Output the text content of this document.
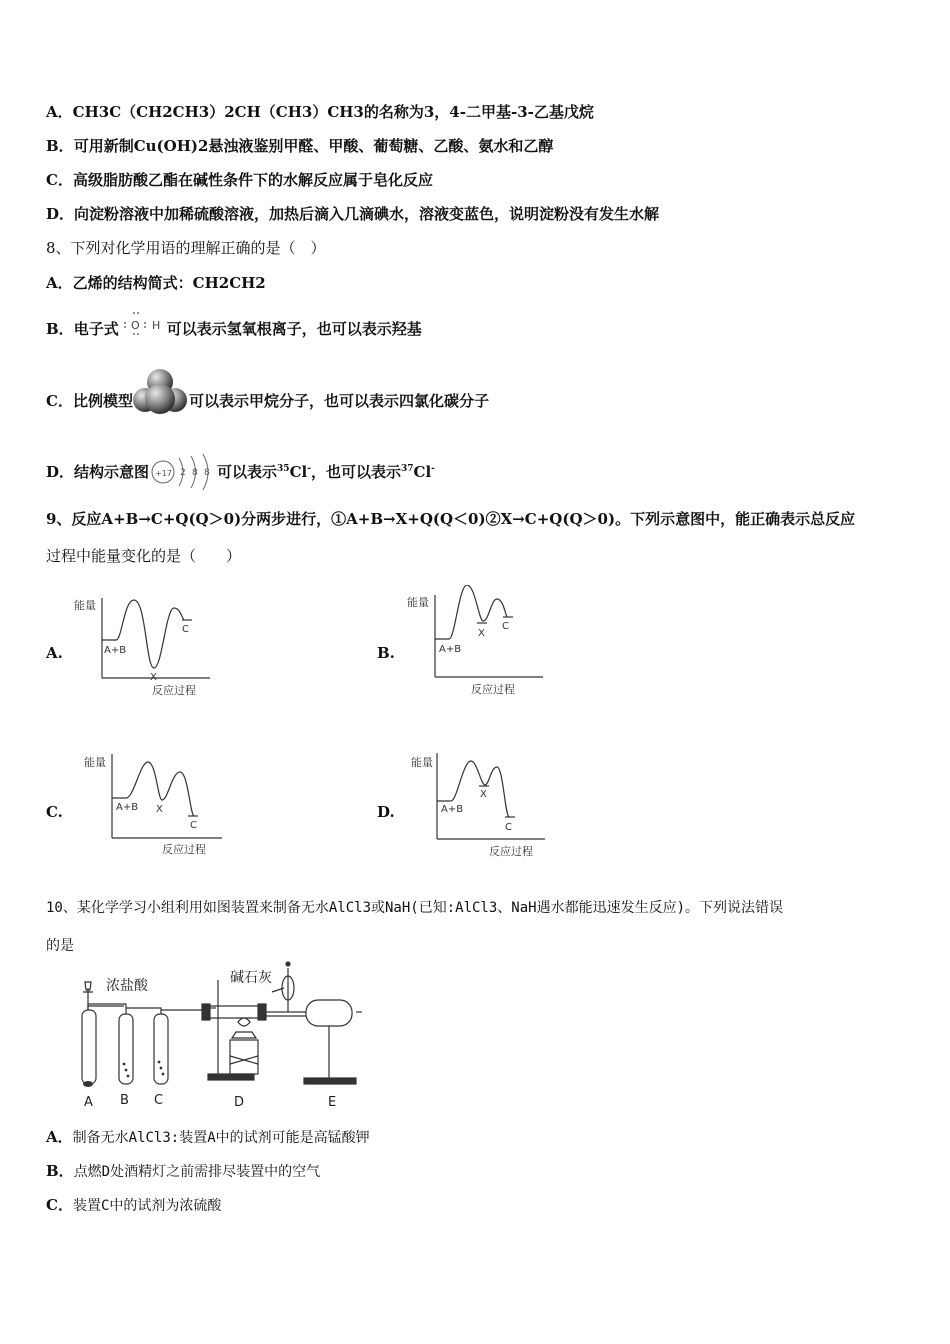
A．CH3C（CH2CH3）2CH（CH3）CH3的名称为3，4-二甲基-3-乙基戊烷
B．可用新制Cu(OH)2悬浊液鉴别甲醛、甲酸、葡萄糖、乙酸、氨水和乙醇
C．高级脂肪酸乙酯在碱性条件下的水解反应属于皂化反应
D．向淀粉溶液中加稀硫酸溶液，加热后滴入几滴碘水，溶液变蓝色，说明淀粉没有发生水解
8、下列对化学用语的理解正确的是（　）
A．乙烯的结构简式：CH2CH2
B．电子式 O H 可以表示氢氧根离子，也可以表示羟基
C．比例模型	可以表示甲烷分子，也可以表示四氯化碳分子
D．结构示意图 +17 2 8 8 可以表示$^{35}$Cl-，也可以表示$^{37}$Cl-
9、反应A+B→C+Q(Q＞0)分两步进行，①A+B→X+Q(Q＜0)②X→C+Q(Q＞0)。下列示意图中，能正确表示总反应
过程中能量变化的是（　　）
A.	B.
C.	D.
能量
反应过程
A+B
X
C
能量
反应过程
A+B
X
C
能量
反应过程
A+B X
C
能量
反应过程
A+B
X
C
10、某化学学习小组利用如图装置来制备无水AlCl3或NaH(已知:AlCl3、NaH遇水都能迅速发生反应)。下列说法错误
的是
浓盐酸	碱石灰
A B C	D	E
A．制备无水AlCl3:装置A中的试剂可能是高锰酸钾
B．点燃D处酒精灯之前需排尽装置中的空气
C．装置C中的试剂为浓硫酸
